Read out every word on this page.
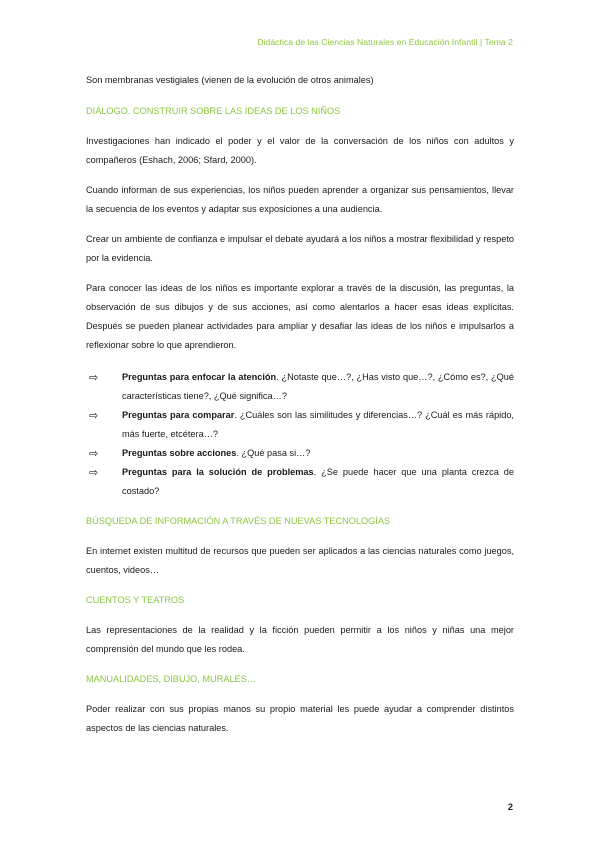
Didáctica de las Ciencias Naturales en Educación Infantil | Tema 2

Son membranas vestigiales (vienen de la evolución de otros animales)

DIÁLOGO. CONSTRUIR SOBRE LAS IDEAS DE LOS NIÑOS

Investigaciones han indicado el poder y el valor de la conversación de los niños con adultos y compañeros (Eshach, 2006; Sfard, 2000).

Cuando informan de sus experiencias, los niños pueden aprender a organizar sus pensamientos, llevar la secuencia de los eventos y adaptar sus exposiciones a una audiencia.

Crear un ambiente de confianza e impulsar el debate ayudará a los niños a mostrar flexibilidad y respeto por la evidencia.

Para conocer las ideas de los niños es importante explorar a través de la discusión, las preguntas, la observación de sus dibujos y de sus acciones, así como alentarlos a hacer esas ideas explícitas. Después se pueden planear actividades para ampliar y desafiar las ideas de los niños e impulsarlos a reflexionar sobre lo que aprendieron.

⇨	Preguntas para enfocar la atención. ¿Notaste que…?, ¿Has visto que…?, ¿Cómo es?, ¿Qué características tiene?, ¿Qué significa…?
⇨	Preguntas para comparar. ¿Cuáles son las similitudes y diferencias…? ¿Cuál es más rápido, más fuerte, etcétera…?
⇨	Preguntas sobre acciones. ¿Qué pasa si…?
⇨	Preguntas para la solución de problemas. ¿Se puede hacer que una planta crezca de costado?

BÚSQUEDA DE INFORMACIÓN A TRAVÉS DE NUEVAS TECNOLOGÍAS

En internet existen multitud de recursos que pueden ser aplicados a las ciencias naturales como juegos, cuentos, videos…

CUENTOS Y TEATROS

Las representaciones de la realidad y la ficción pueden permitir a los niños y niñas una mejor comprensión del mundo que les rodea.

MANUALIDADES, DIBUJO, MURALES…

Poder realizar con sus propias manos su propio material les puede ayudar a comprender distintos aspectos de las ciencias naturales.

2
